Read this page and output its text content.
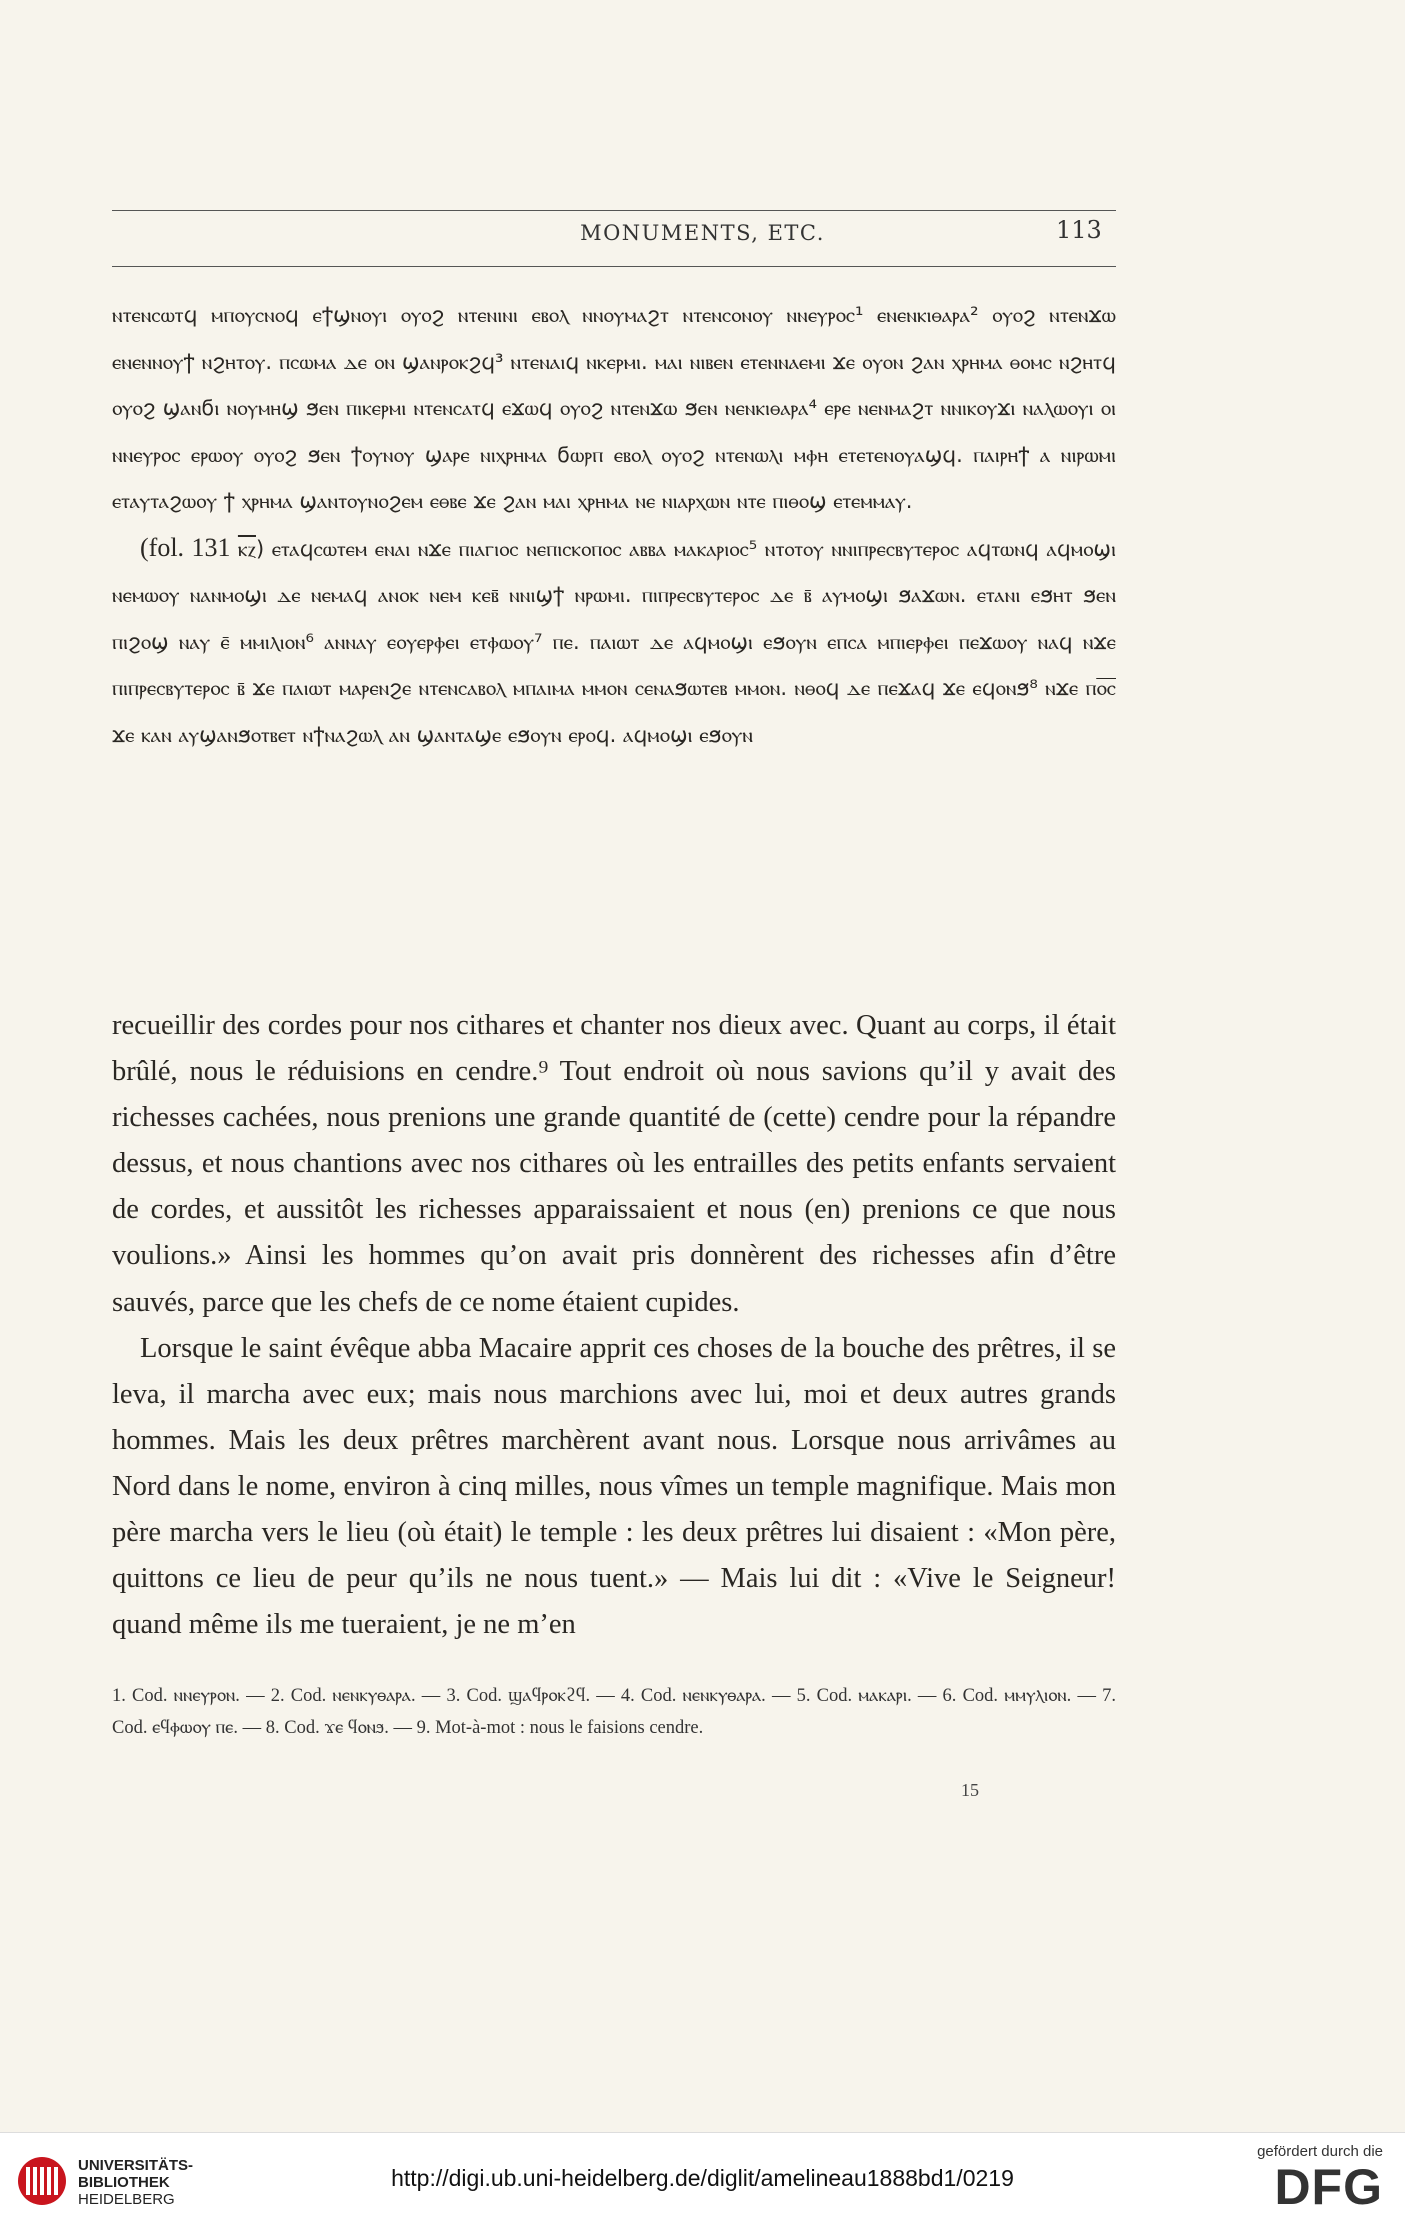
MONUMENTS, ETC.	113

ⲛⲧⲉⲛⲥⲱⲧϥ ⲙⲡⲟⲩⲥⲛⲟϥ ⲉϯϣⲛⲟⲩⲓ ⲟⲩⲟϩ ⲛⲧⲉⲛⲓⲛⲓ ⲉⲃⲟⲗ ⲛⲛⲟⲩⲙⲁϩⲧ ⲛⲧⲉⲛⲥⲟⲛⲟⲩ ⲛⲛⲉⲩⲣⲟⲥ¹ ⲉⲛⲉⲛⲕⲓⲑⲁⲣⲁ² ⲟⲩⲟϩ ⲛⲧⲉⲛϫⲱ ⲉⲛⲉⲛⲛⲟⲩϯ ⲛϩⲏⲧⲟⲩ. ⲡⲥⲱⲙⲁ ⲇⲉ ⲟⲛ ϣⲁⲛⲣⲟⲕϩϥ³ ⲛⲧⲉⲛⲁⲓϥ ⲛⲕⲉⲣⲙⲓ. ⲙⲁⲓ ⲛⲓⲃⲉⲛ ⲉⲧⲉⲛⲛⲁⲉⲙⲓ ϫⲉ ⲟⲩⲟⲛ ϩⲁⲛ ⲭⲣⲏⲙⲁ ⲑⲟⲙⲥ ⲛϩⲏⲧϥ ⲟⲩⲟϩ ϣⲁⲛϭⲓ ⲛⲟⲩⲙⲏϣ ϧⲉⲛ ⲡⲓⲕⲉⲣⲙⲓ ⲛⲧⲉⲛⲥⲁⲧϥ ⲉϫⲱϥ ⲟⲩⲟϩ ⲛⲧⲉⲛϫⲱ ϧⲉⲛ ⲛⲉⲛⲕⲓⲑⲁⲣⲁ⁴ ⲉⲣⲉ ⲛⲉⲛⲙⲁϩⲧ ⲛⲛⲓⲕⲟⲩϫⲓ ⲛⲁⲗⲱⲟⲩⲓ ⲟⲓ ⲛⲛⲉⲩⲣⲟⲥ ⲉⲣⲱⲟⲩ ⲟⲩⲟϩ ϧⲉⲛ ϯⲟⲩⲛⲟⲩ ϣⲁⲣⲉ ⲛⲓⲭⲣⲏⲙⲁ ϭⲱⲣⲡ ⲉⲃⲟⲗ ⲟⲩⲟϩ ⲛⲧⲉⲛⲱⲗⲓ ⲙⲫⲏ ⲉⲧⲉⲧⲉⲛⲟⲩⲁϣϥ. ⲡⲁⲓⲣⲏϯ ⲁ ⲛⲓⲣⲱⲙⲓ ⲉⲧⲁⲩⲧⲁϩⲱⲟⲩ ϯ ⲭⲣⲏⲙⲁ ϣⲁⲛⲧⲟⲩⲛⲟϩⲉⲙ ⲉⲑⲃⲉ ϫⲉ ϩⲁⲛ ⲙⲁⲓ ⲭⲣⲏⲙⲁ ⲛⲉ ⲛⲓⲁⲣⲭⲱⲛ ⲛⲧⲉ ⲡⲓⲑⲟϣ ⲉⲧⲉⲙⲙⲁⲩ.

(fol. 131 ⲕⲍ) ⲉⲧⲁϥⲥⲱⲧⲉⲙ ⲉⲛⲁⲓ ⲛϫⲉ ⲡⲓⲁⲅⲓⲟⲥ ⲛⲉⲡⲓⲥⲕⲟⲡⲟⲥ ⲁⲃⲃⲁ ⲙⲁⲕⲁⲣⲓⲟⲥ⁵ ⲛⲧⲟⲧⲟⲩ ⲛⲛⲓⲡⲣⲉⲥⲃⲩⲧⲉⲣⲟⲥ ⲁϥⲧⲱⲛϥ ⲁϥⲙⲟϣⲓ ⲛⲉⲙⲱⲟⲩ ⲛⲁⲛⲙⲟϣⲓ ⲇⲉ ⲛⲉⲙⲁϥ ⲁⲛⲟⲕ ⲛⲉⲙ ⲕⲉⲃ̄ ⲛⲛⲓϣϯ ⲛⲣⲱⲙⲓ. ⲡⲓⲡⲣⲉⲥⲃⲩⲧⲉⲣⲟⲥ ⲇⲉ ⲃ̄ ⲁⲩⲙⲟϣⲓ ϧⲁϫⲱⲛ. ⲉⲧⲁⲛⲓ ⲉϧⲏⲧ ϧⲉⲛ ⲡⲓϩⲟϣ ⲛⲁⲩ ⲉ̄ ⲙⲙⲓⲗⲓⲟⲛ⁶ ⲁⲛⲛⲁⲩ ⲉⲟⲩⲉⲣⲫⲉⲓ ⲉⲧⲫⲱⲟⲩ⁷ ⲡⲉ. ⲡⲁⲓⲱⲧ ⲇⲉ ⲁϥⲙⲟϣⲓ ⲉϧⲟⲩⲛ ⲉⲡⲥⲁ ⲙⲡⲓⲉⲣⲫⲉⲓ ⲡⲉϫⲱⲟⲩ ⲛⲁϥ ⲛϫⲉ ⲡⲓⲡⲣⲉⲥⲃⲩⲧⲉⲣⲟⲥ ⲃ̄ ϫⲉ ⲡⲁⲓⲱⲧ ⲙⲁⲣⲉⲛϩⲉ ⲛⲧⲉⲛⲥⲁⲃⲟⲗ ⲙⲡⲁⲓⲙⲁ ⲙⲙⲟⲛ ⲥⲉⲛⲁϧⲱⲧⲉⲃ ⲙⲙⲟⲛ. ⲛⲑⲟϥ ⲇⲉ ⲡⲉϫⲁϥ ϫⲉ ⲉϥⲟⲛϧ⁸ ⲛϫⲉ ⲡⲟ̅ⲥ̅ ϫⲉ ⲕⲁⲛ ⲁⲩϣⲁⲛϧⲟⲧⲃⲉⲧ ⲛϯⲛⲁϩⲱⲗ ⲁⲛ ϣⲁⲛⲧⲁϣⲉ ⲉϧⲟⲩⲛ ⲉⲣⲟϥ. ⲁϥⲙⲟϣⲓ ⲉϧⲟⲩⲛ

recueillir des cordes pour nos cithares et chanter nos dieux avec. Quant au corps, il était brûlé, nous le réduisions en cendre.⁹ Tout endroit où nous savions qu’il y avait des richesses cachées, nous prenions une grande quantité de (cette) cendre pour la répandre dessus, et nous chantions avec nos cithares où les entrailles des petits enfants servaient de cordes, et aussitôt les richesses apparaissaient et nous (en) prenions ce que nous voulions.» Ainsi les hommes qu’on avait pris donnèrent des richesses afin d’être sauvés, parce que les chefs de ce nome étaient cupides.

Lorsque le saint évêque abba Macaire apprit ces choses de la bouche des prêtres, il se leva, il marcha avec eux; mais nous marchions avec lui, moi et deux autres grands hommes. Mais les deux prêtres marchèrent avant nous. Lorsque nous arrivâmes au Nord dans le nome, environ à cinq milles, nous vîmes un temple magnifique. Mais mon père marcha vers le lieu (où était) le temple : les deux prêtres lui disaient : «Mon père, quittons ce lieu de peur qu’ils ne nous tuent.» — Mais lui dit : «Vive le Seigneur! quand même ils me tueraient, je ne m’en

1. Cod. ⲛⲛⲉⲩⲣⲟⲛ. — 2. Cod. ⲛⲉⲛⲕⲩⲑⲁⲣⲁ. — 3. Cod. ϣⲁϥⲣⲟⲕϩϥ. — 4. Cod. ⲛⲉⲛⲕⲩⲑⲁⲣⲁ. — 5. Cod. ⲙⲁⲕⲁⲣⲓ. — 6. Cod. ⲙⲙⲩⲗⲓⲟⲛ. — 7. Cod. ⲉϥⲫⲱⲟⲩ ⲡⲉ. — 8. Cod. ϫⲉ ϥⲟⲛϧ. — 9. Mot-à-mot : nous le faisions cendre.
15
UNIVERSITÄTS-
BIBLIOTHEK
HEIDELBERG
http://digi.ub.uni-heidelberg.de/diglit/amelineau1888bd1/0219
gefördert durch die
DFG
